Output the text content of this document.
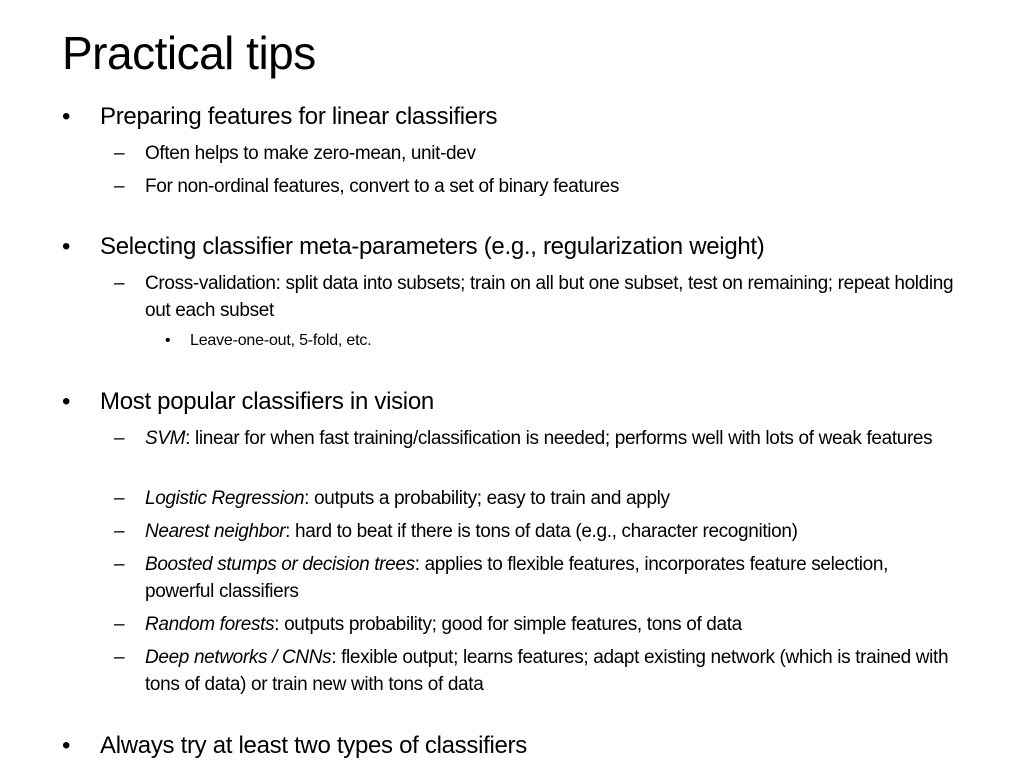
Practical tips
• Preparing features for linear classifiers
– Often helps to make zero-mean, unit-dev
– For non-ordinal features, convert to a set of binary features
• Selecting classifier meta-parameters (e.g., regularization weight)
– Cross-validation: split data into subsets; train on all but one subset, test on remaining; repeat holding out each subset
• Leave-one-out, 5-fold, etc.
• Most popular classifiers in vision
– SVM: linear for when fast training/classification is needed; performs well with lots of weak features
– Logistic Regression: outputs a probability; easy to train and apply
– Nearest neighbor: hard to beat if there is tons of data (e.g., character recognition)
– Boosted stumps or decision trees: applies to flexible features, incorporates feature selection, powerful classifiers
– Random forests: outputs probability; good for simple features, tons of data
– Deep networks / CNNs: flexible output; learns features; adapt existing network (which is trained with tons of data) or train new with tons of data
• Always try at least two types of classifiers
